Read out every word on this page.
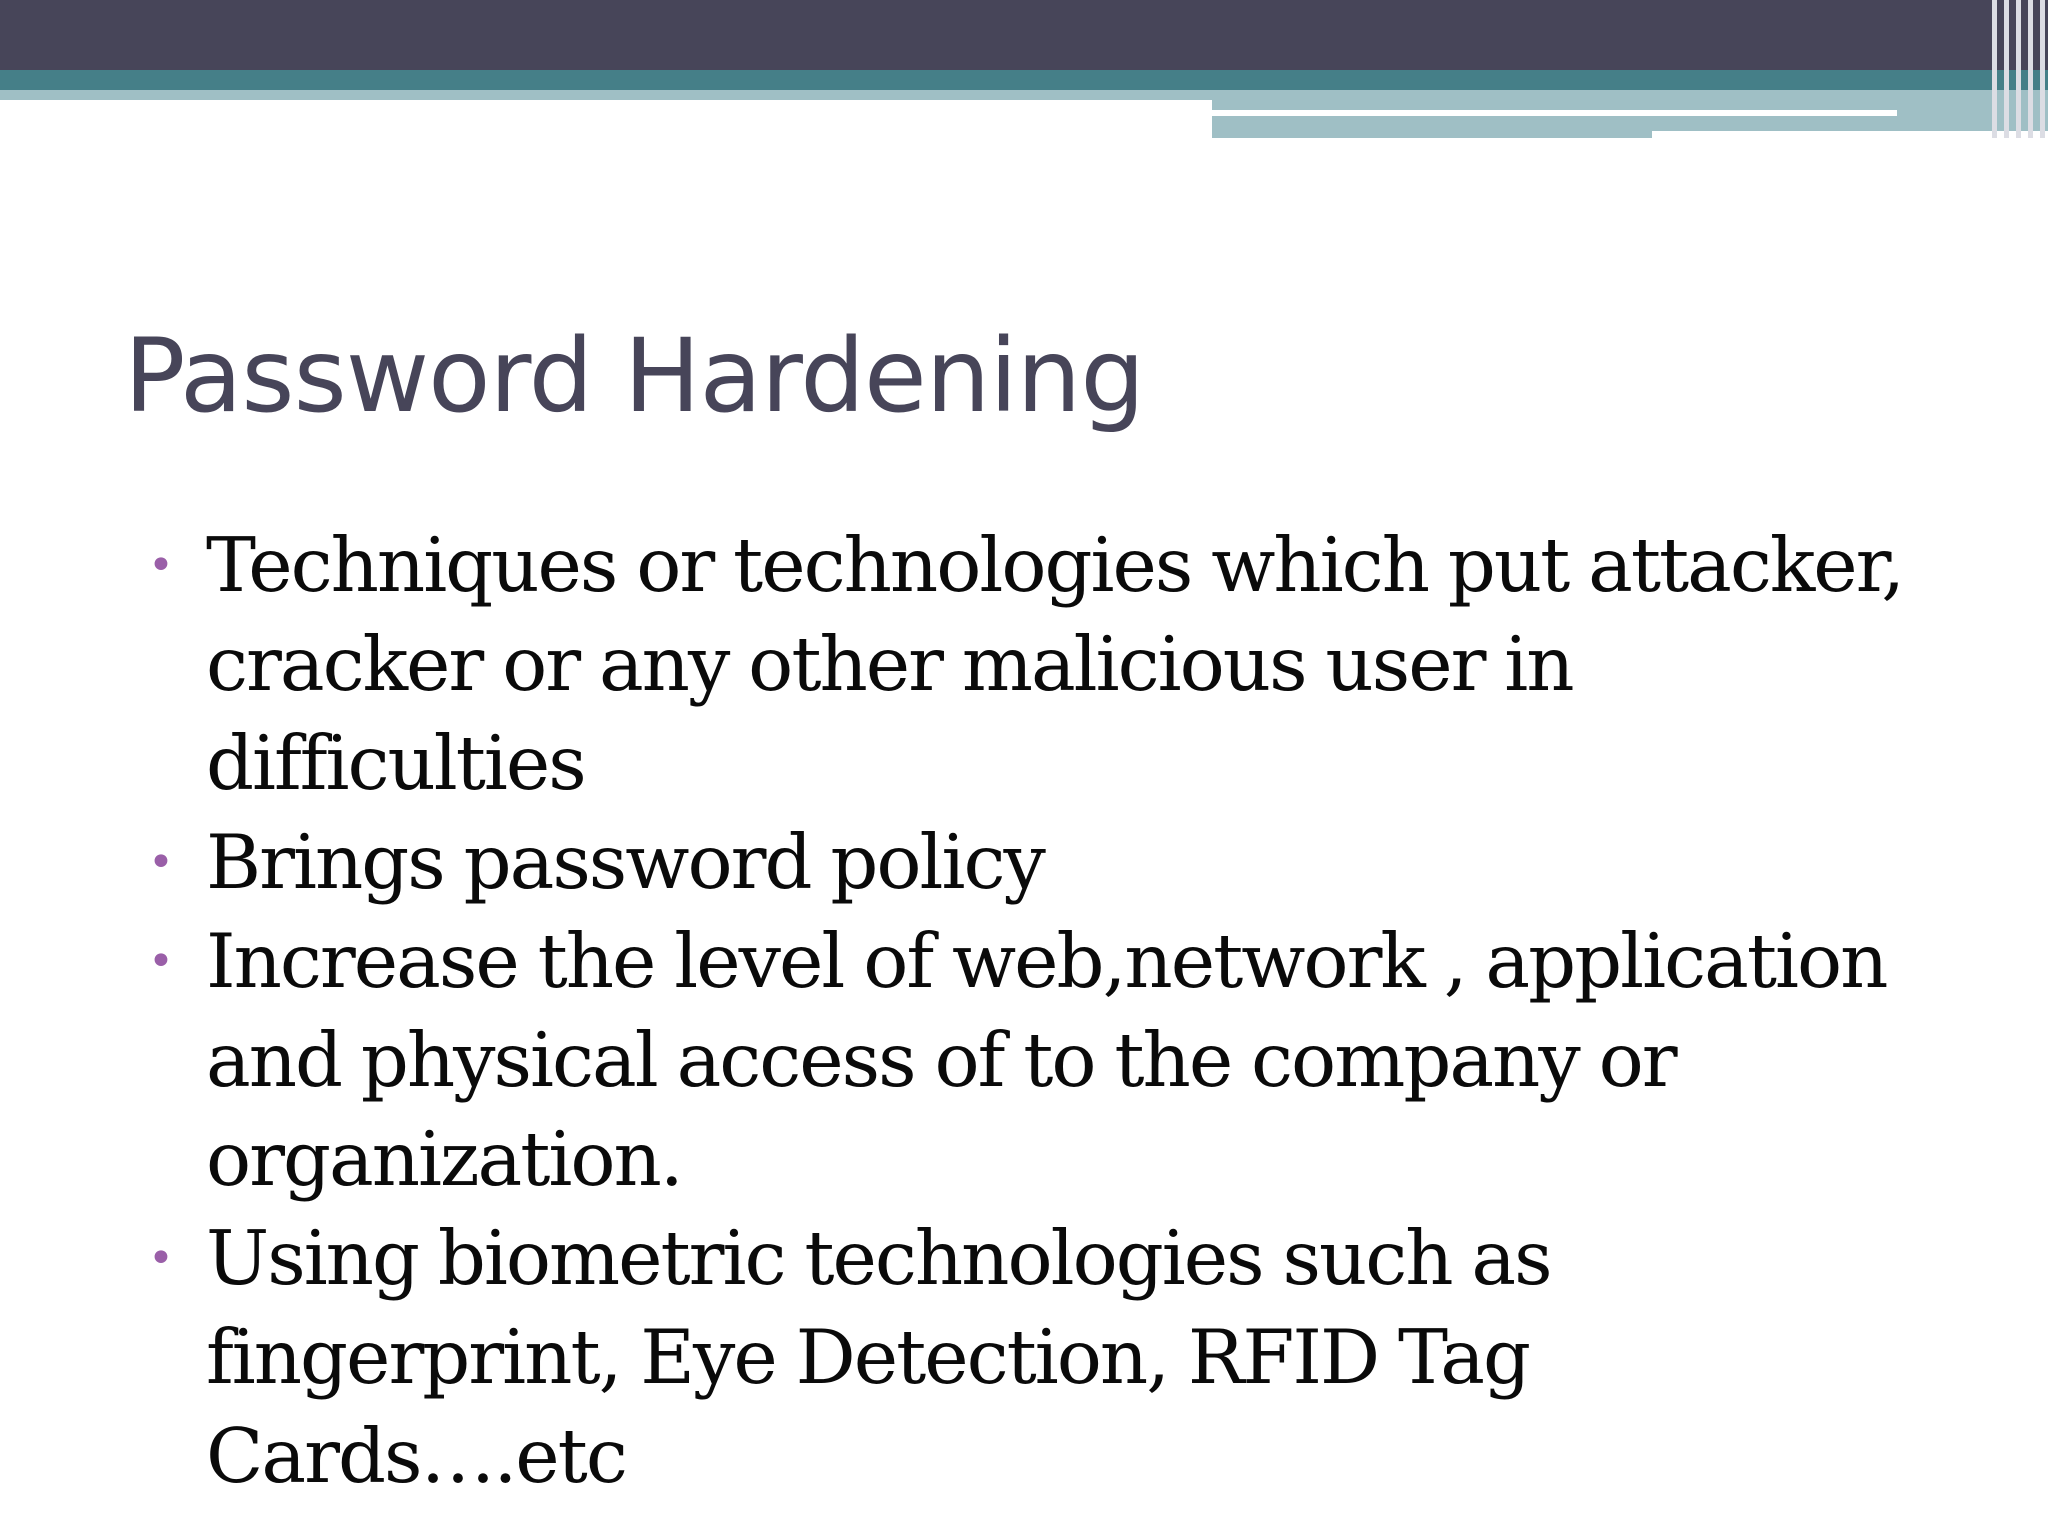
Password Hardening
• Techniques or technologies which put attacker,
cracker or any other malicious user in difficulties
• Brings password policy
• Increase the level of web,network , application
and physical access of to the company or
organization.
• Using biometric technologies such as
fingerprint, Eye Detection, RFID Tag Cards….etc
